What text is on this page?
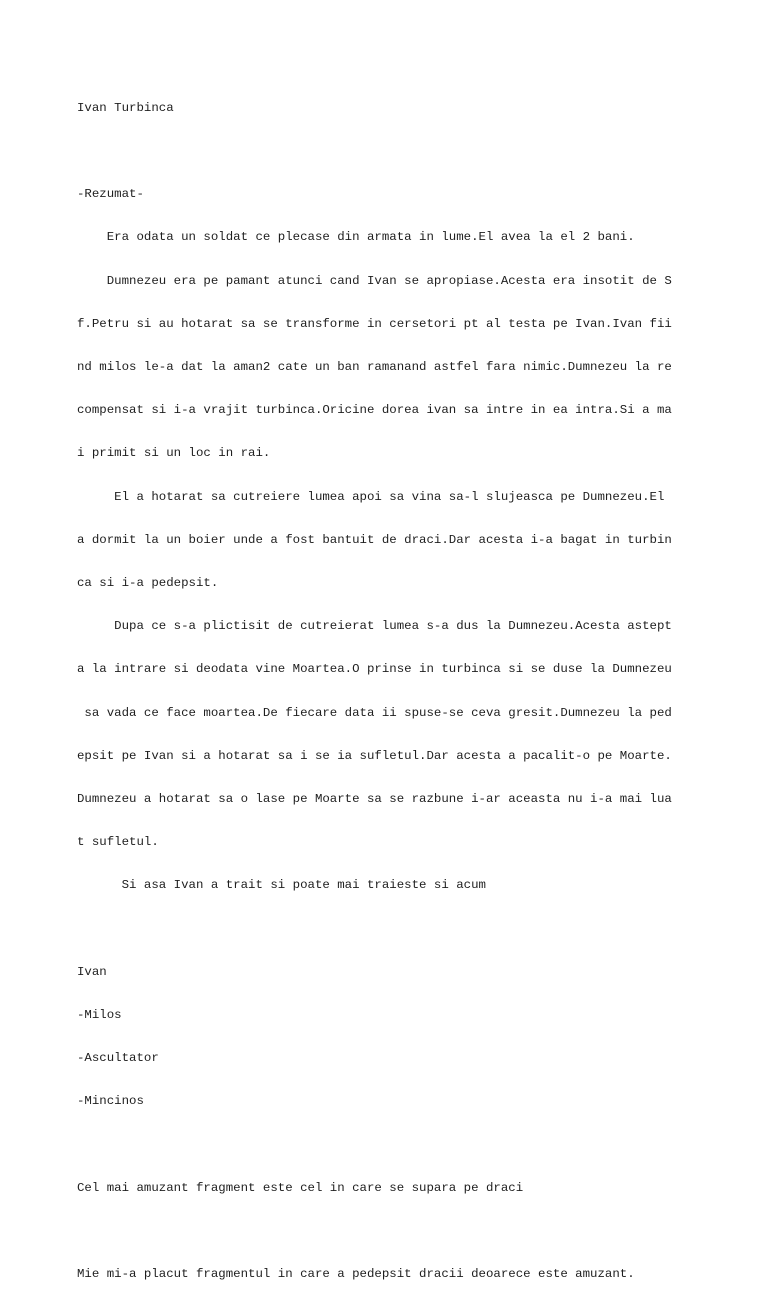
Ivan Turbinca

-Rezumat-

Era odata un soldat ce plecase din armata in lume.El avea la el 2 bani.

Dumnezeu era pe pamant atunci cand Ivan se apropiase.Acesta era insotit de S

f.Petru si au hotarat sa se transforme in cersetori pt al testa pe Ivan.Ivan fii

nd milos le-a dat la aman2 cate un ban ramanand astfel fara nimic.Dumnezeu la re

compensat si i-a vrajit turbinca.Oricine dorea ivan sa intre in ea intra.Si a ma

i primit si un loc in rai.

El a hotarat sa cutreiere lumea apoi sa vina sa-l slujeasca pe Dumnezeu.El

a dormit la un boier unde a fost bantuit de draci.Dar acesta i-a bagat in turbin

ca si i-a pedepsit.

Dupa ce s-a plictisit de cutreierat lumea s-a dus la Dumnezeu.Acesta astept

a la intrare si deodata vine Moartea.O prinse in turbinca si se duse la Dumnezeu

sa vada ce face moartea.De fiecare data ii spuse-se ceva gresit.Dumnezeu la ped

epsit pe Ivan si a hotarat sa i se ia sufletul.Dar acesta a pacalit-o pe Moarte.

Dumnezeu a hotarat sa o lase pe Moarte sa se razbune i-ar aceasta nu i-a mai lua

t sufletul.

Si asa Ivan a trait si poate mai traieste si acum

Ivan

-Milos

-Ascultator

-Mincinos

Cel mai amuzant fragment este cel in care se supara pe draci

Mie mi-a placut fragmentul in care a pedepsit dracii deoarece este amuzant.
